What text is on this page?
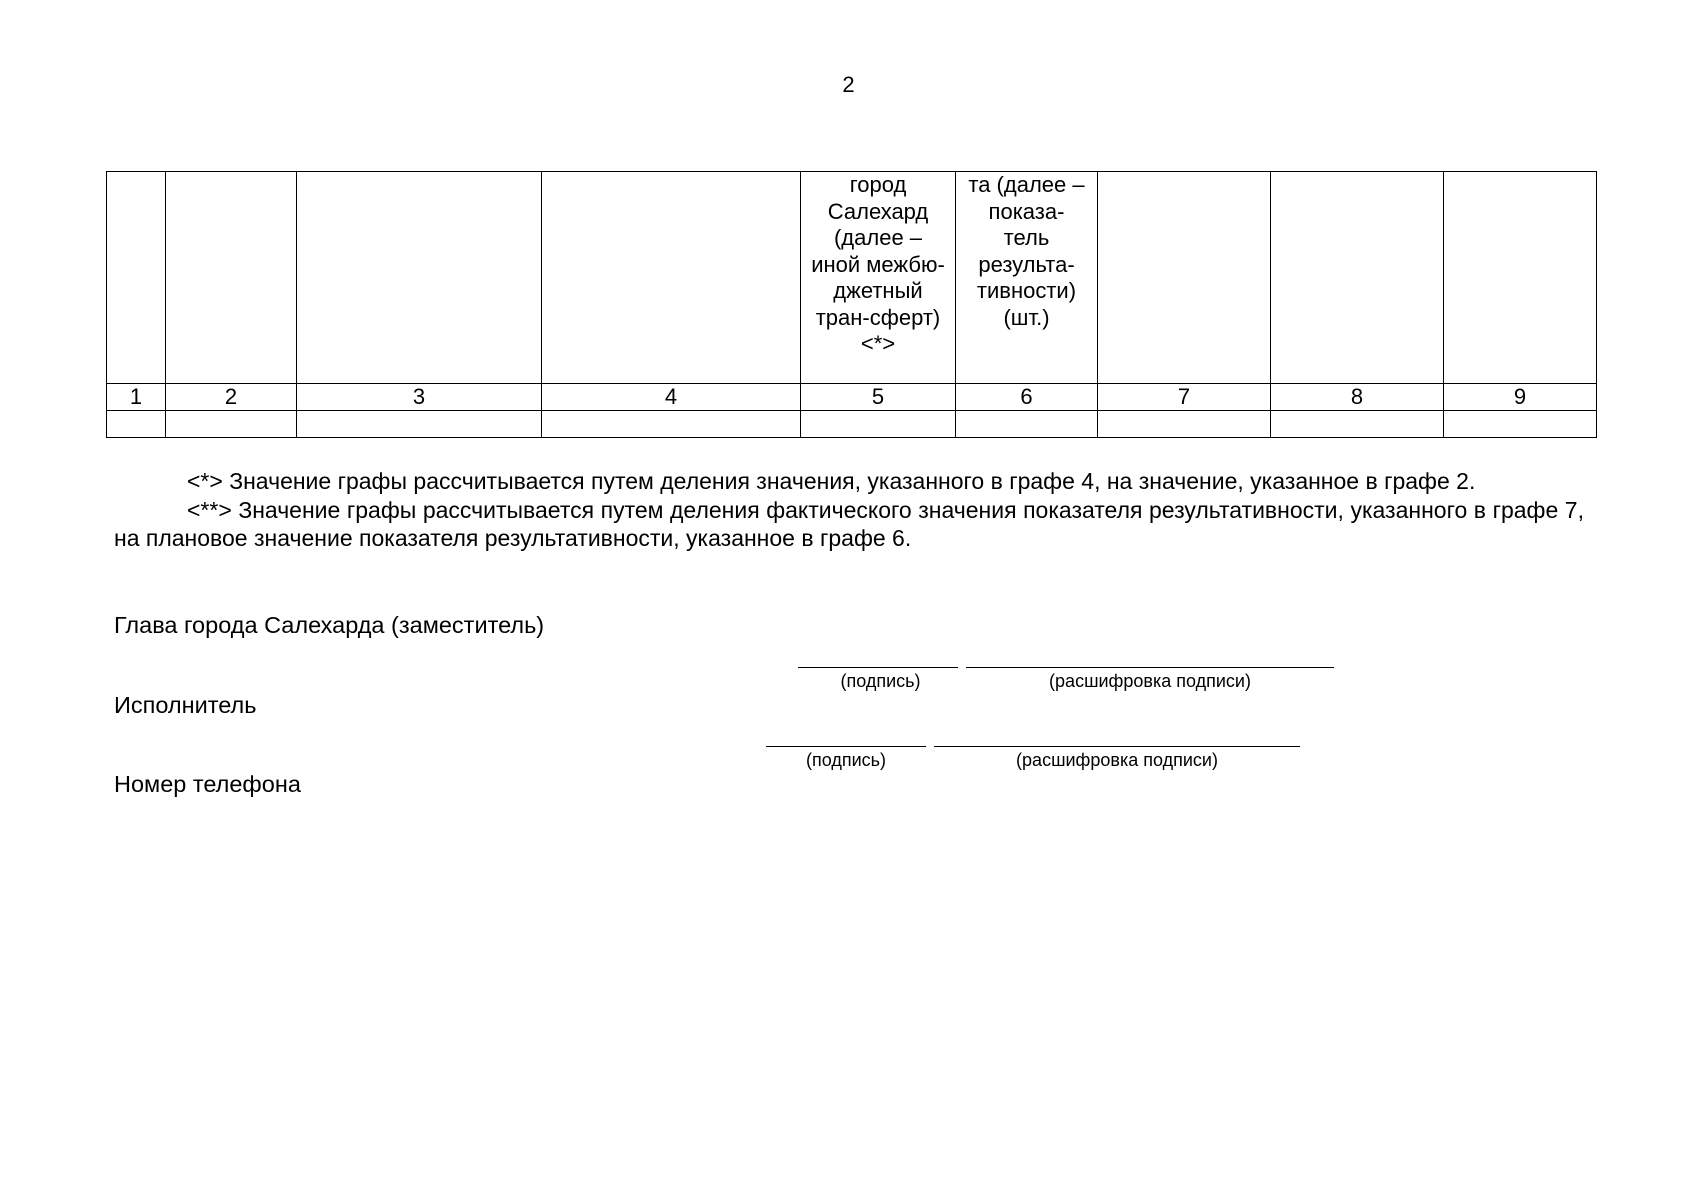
2
				город Салехард (далее – иной межбю-джетный тран-сферт)<*>	та (далее – показа-тель результа-тивности) (шт.)			
1	2	3	4	5	6	7	8	9

<*> Значение графы рассчитывается путем деления значения, указанного в графе 4, на значение, указанное в графе 2.

<**> Значение графы рассчитывается путем деления фактического значения показателя результативности, указанного в графе 7, на плановое значение показателя результативности, указанное в графе 6.

Глава города Салехарда (заместитель)
(подпись)	(расшифровка подписи)
Исполнитель
(подпись)	(расшифровка подписи)
Номер телефона
